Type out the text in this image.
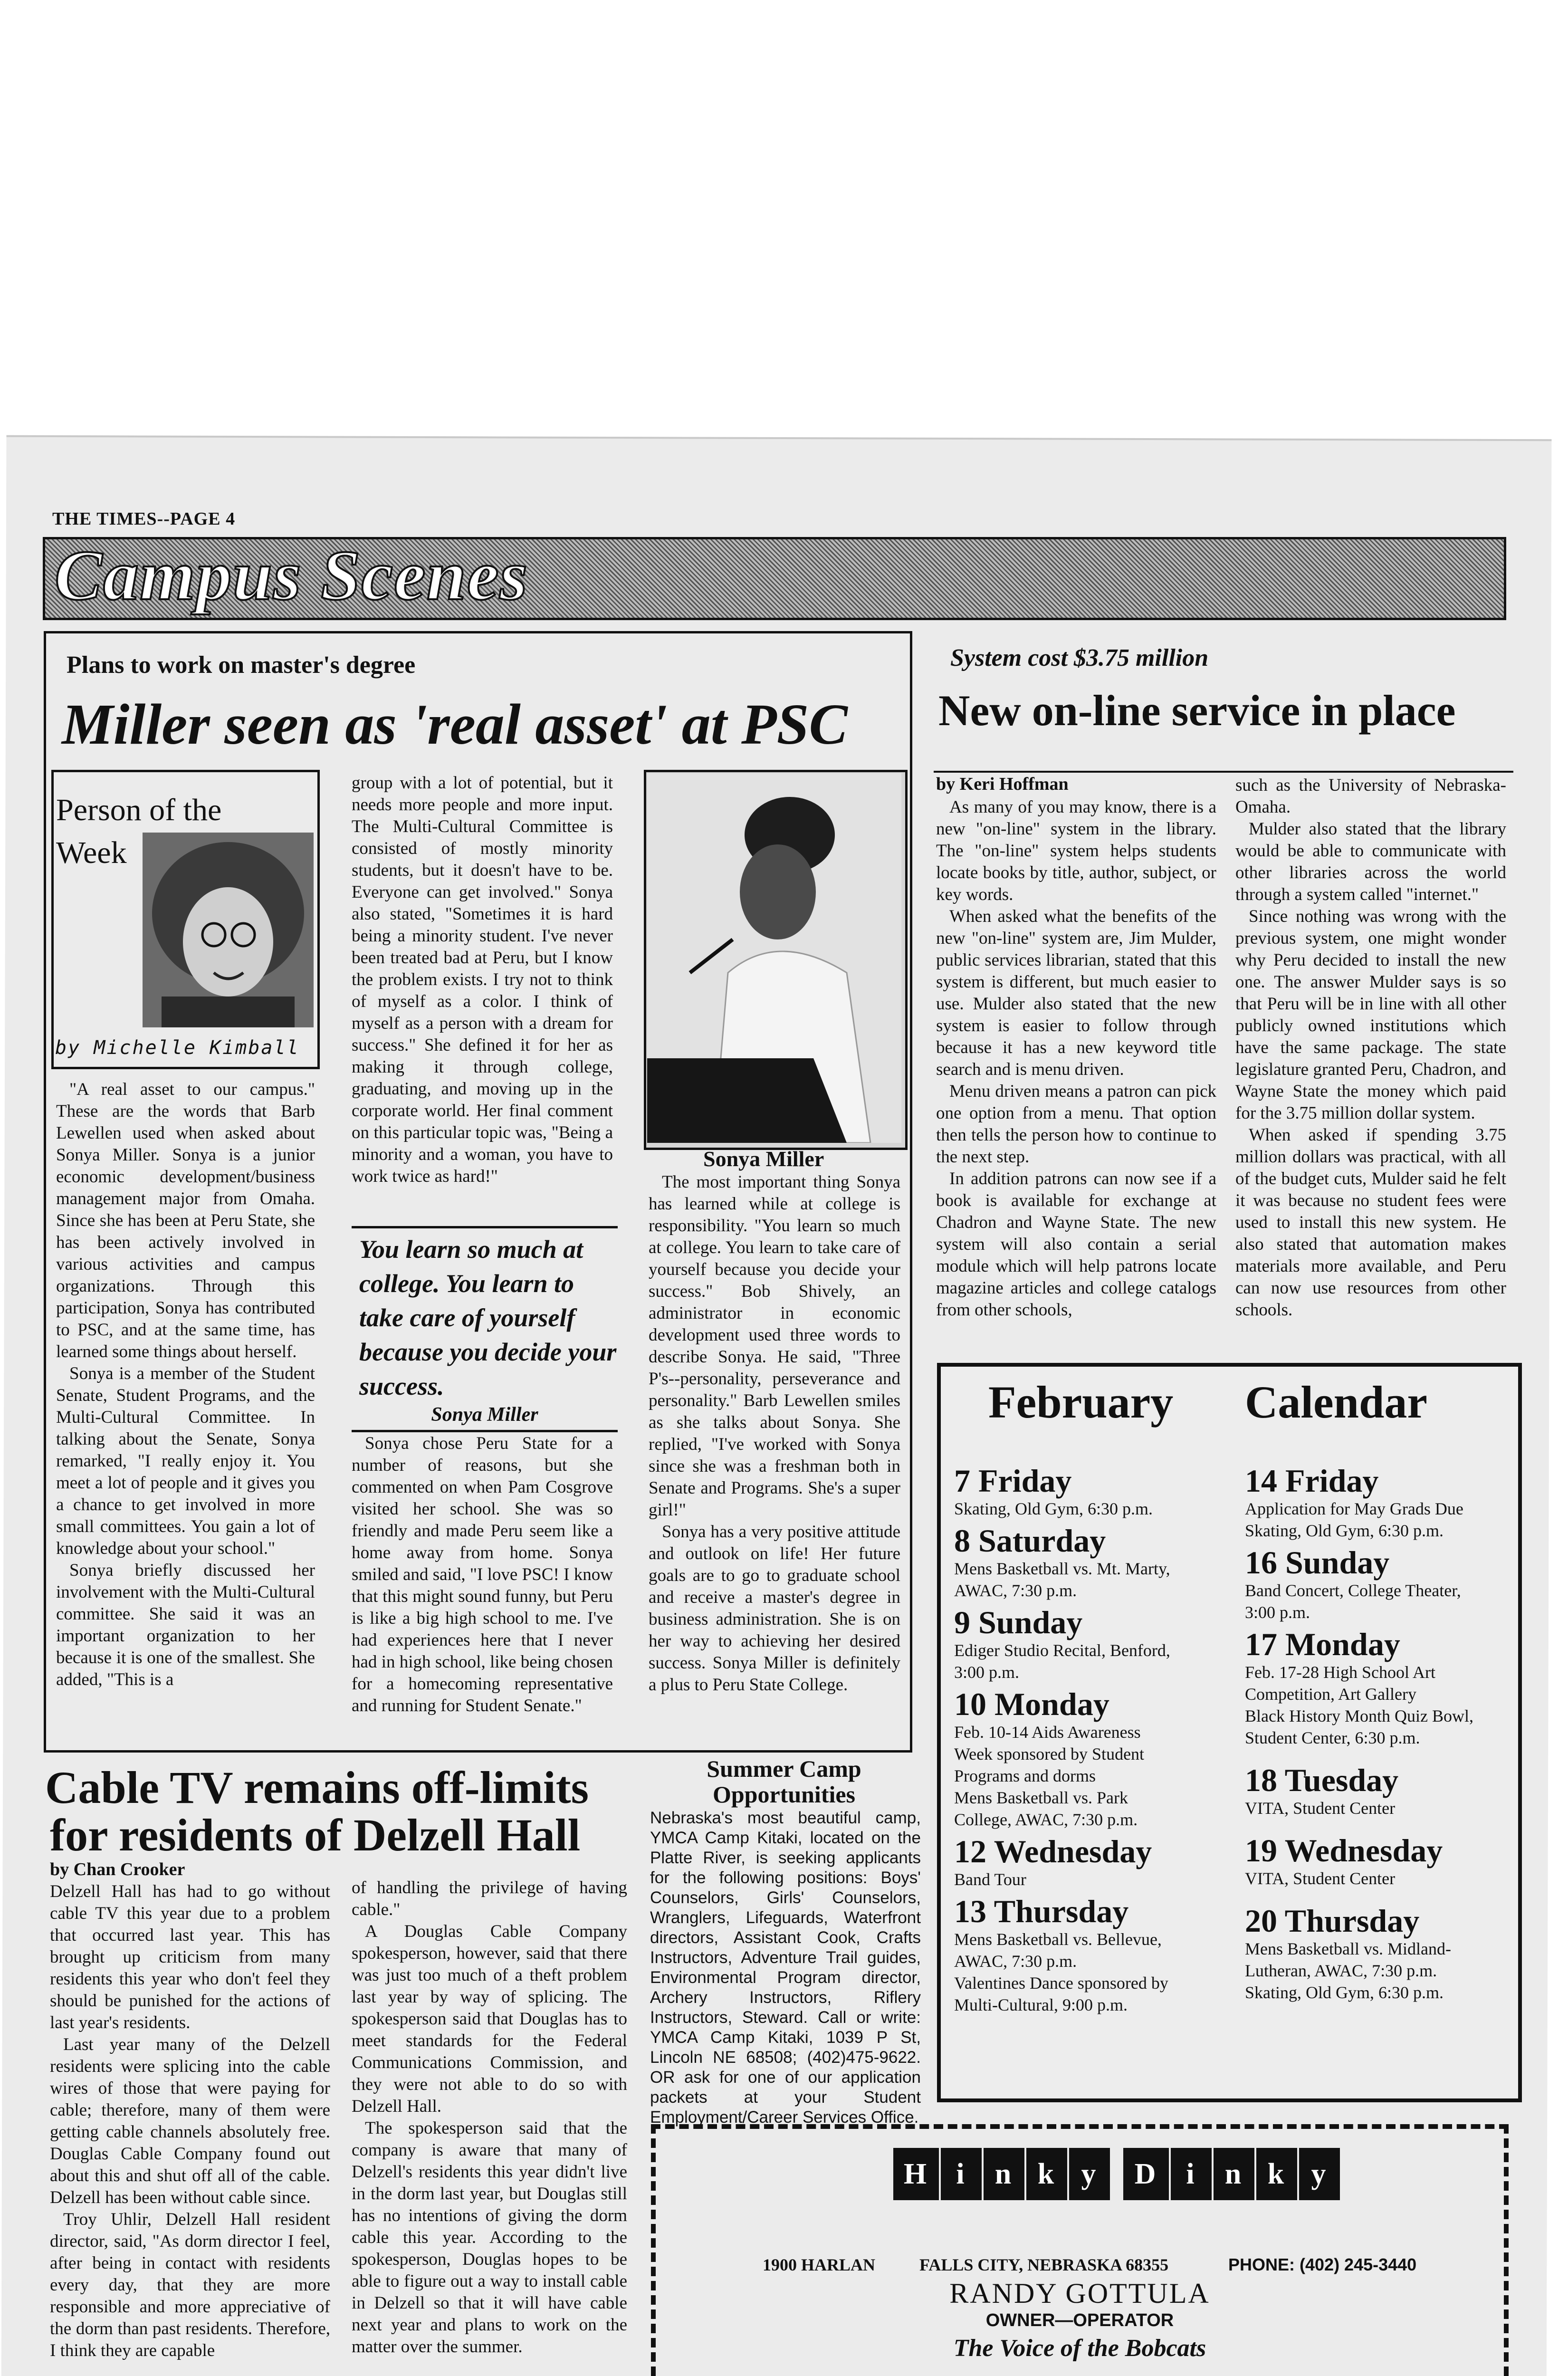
THE TIMES--PAGE 4
Campus Scenes
Plans to work on master's degree
Miller seen as 'real asset' at PSC
Person of the
Week
by Michelle Kimball

"A real asset to our campus." These are the words that Barb Lewellen used when asked about Sonya Miller. Sonya is a junior economic development/business management major from Omaha. Since she has been at Peru State, she has been actively involved in various activities and campus organizations. Through this participation, Sonya has contributed to PSC, and at the same time, has learned some things about herself.

Sonya is a member of the Student Senate, Student Programs, and the Multi-Cultural Committee. In talking about the Senate, Sonya remarked, "I really enjoy it. You meet a lot of people and it gives you a chance to get involved in more small committees. You gain a lot of knowledge about your school."

Sonya briefly discussed her involvement with the Multi-Cultural committee. She said it was an important organization to her because it is one of the smallest. She added, "This is a

group with a lot of potential, but it needs more people and more input. The Multi-Cultural Committee is consisted of mostly minority students, but it doesn't have to be. Everyone can get involved." Sonya also stated, "Sometimes it is hard being a minority student. I've never been treated bad at Peru, but I know the problem exists. I try not to think of myself as a color. I think of myself as a person with a dream for success." She defined it for her as making it through college, graduating, and moving up in the corporate world. Her final comment on this particular topic was, "Being a minority and a woman, you have to work twice as hard!"

You learn so much at college. You learn to take care of yourself because you decide your success.
Sonya Miller

Sonya chose Peru State for a number of reasons, but she commented on when Pam Cosgrove visited her school. She was so friendly and made Peru seem like a home away from home. Sonya smiled and said, "I love PSC! I know that this might sound funny, but Peru is like a big high school to me. I've had experiences here that I never had in high school, like being chosen for a homecoming representative and running for Student Senate."

Sonya Miller

The most important thing Sonya has learned while at college is responsibility. "You learn so much at college. You learn to take care of yourself because you decide your success." Bob Shively, an administrator in economic development used three words to describe Sonya. He said, "Three P's--personality, perseverance and personality." Barb Lewellen smiles as she talks about Sonya. She replied, "I've worked with Sonya since she was a freshman both in Senate and Programs. She's a super girl!"

Sonya has a very positive attitude and outlook on life! Her future goals are to go to graduate school and receive a master's degree in business administration. She is on her way to achieving her desired success. Sonya Miller is definitely a plus to Peru State College.

System cost $3.75 million
New on-line service in place
by Keri Hoffman

As many of you may know, there is a new "on-line" system in the library. The "on-line" system helps students locate books by title, author, subject, or key words.

When asked what the benefits of the new "on-line" system are, Jim Mulder, public services librarian, stated that this system is different, but much easier to use. Mulder also stated that the new system is easier to follow through because it has a new keyword title search and is menu driven.

Menu driven means a patron can pick one option from a menu. That option then tells the person how to continue to the next step.

In addition patrons can now see if a book is available for exchange at Chadron and Wayne State. The new system will also contain a serial module which will help patrons locate magazine articles and college catalogs from other schools,

such as the University of Nebraska-Omaha.

Mulder also stated that the library would be able to communicate with other libraries across the world through a system called "internet."

Since nothing was wrong with the previous system, one might wonder why Peru decided to install the new one. The answer Mulder says is so that Peru will be in line with all other publicly owned institutions which have the same package. The state legislature granted Peru, Chadron, and Wayne State the money which paid for the 3.75 million dollar system.

When asked if spending 3.75 million dollars was practical, with all of the budget cuts, Mulder said he felt it was because no student fees were used to install this new system. He also stated that automation makes materials more available, and Peru can now use resources from other schools.

February Calendar
7 Friday
Skating, Old Gym, 6:30 p.m.
8 Saturday
Mens Basketball vs. Mt. Marty,
AWAC, 7:30 p.m.
9 Sunday
Ediger Studio Recital, Benford,
3:00 p.m.
10 Monday
Feb. 10-14 Aids Awareness
Week sponsored by Student
Programs and dorms
Mens Basketball vs. Park
College, AWAC, 7:30 p.m.
12 Wednesday
Band Tour
13 Thursday
Mens Basketball vs. Bellevue,
AWAC, 7:30 p.m.
Valentines Dance sponsored by
Multi-Cultural, 9:00 p.m.
14 Friday
Application for May Grads Due
Skating, Old Gym, 6:30 p.m.
16 Sunday
Band Concert, College Theater,
3:00 p.m.
17 Monday
Feb. 17-28 High School Art
Competition, Art Gallery
Black History Month Quiz Bowl,
Student Center, 6:30 p.m.
18 Tuesday
VITA, Student Center
19 Wednesday
VITA, Student Center
20 Thursday
Mens Basketball vs. Midland-
Lutheran, AWAC, 7:30 p.m.
Skating, Old Gym, 6:30 p.m.
Cable TV remains off-limits
for residents of Delzell Hall
by Chan Crooker

Delzell Hall has had to go without cable TV this year due to a problem that occurred last year. This has brought up criticism from many residents this year who don't feel they should be punished for the actions of last year's residents.

Last year many of the Delzell residents were splicing into the cable wires of those that were paying for cable; therefore, many of them were getting cable channels absolutely free. Douglas Cable Company found out about this and shut off all of the cable. Delzell has been without cable since.

Troy Uhlir, Delzell Hall resident director, said, "As dorm director I feel, after being in contact with residents every day, that they are more responsible and more appreciative of the dorm than past residents. Therefore, I think they are capable

of handling the privilege of having cable."

A Douglas Cable Company spokesperson, however, said that there was just too much of a theft problem last year by way of splicing. The spokesperson said that Douglas has to meet standards for the Federal Communications Commission, and they were not able to do so with Delzell Hall.

The spokesperson said that the company is aware that many of Delzell's residents this year didn't live in the dorm last year, but Douglas still has no intentions of giving the dorm cable this year. According to the spokesperson, Douglas hopes to be able to figure out a way to install cable in Delzell so that it will have cable next year and plans to work on the matter over the summer.

Summer Camp
Opportunities
Nebraska's most beautiful camp, YMCA Camp Kitaki, located on the Platte River, is seeking applicants for the following positions: Boys' Counselors, Girls' Counselors, Wranglers, Lifeguards, Waterfront directors, Assistant Cook, Crafts Instructors, Adventure Trail guides, Environmental Program director, Archery Instructors, Riflery Instructors, Steward. Call or write: YMCA Camp Kitaki, 1039 P St, Lincoln NE 68508; (402)475-9622. OR ask for one of our application packets at your Student Employment/Career Services Office.
H i n k y	D i n k y
1900 HARLAN	FALLS CITY, NEBRASKA 68355	PHONE: (402) 245-3440
RANDY GOTTULA
OWNER—OPERATOR
The Voice of the Bobcats
